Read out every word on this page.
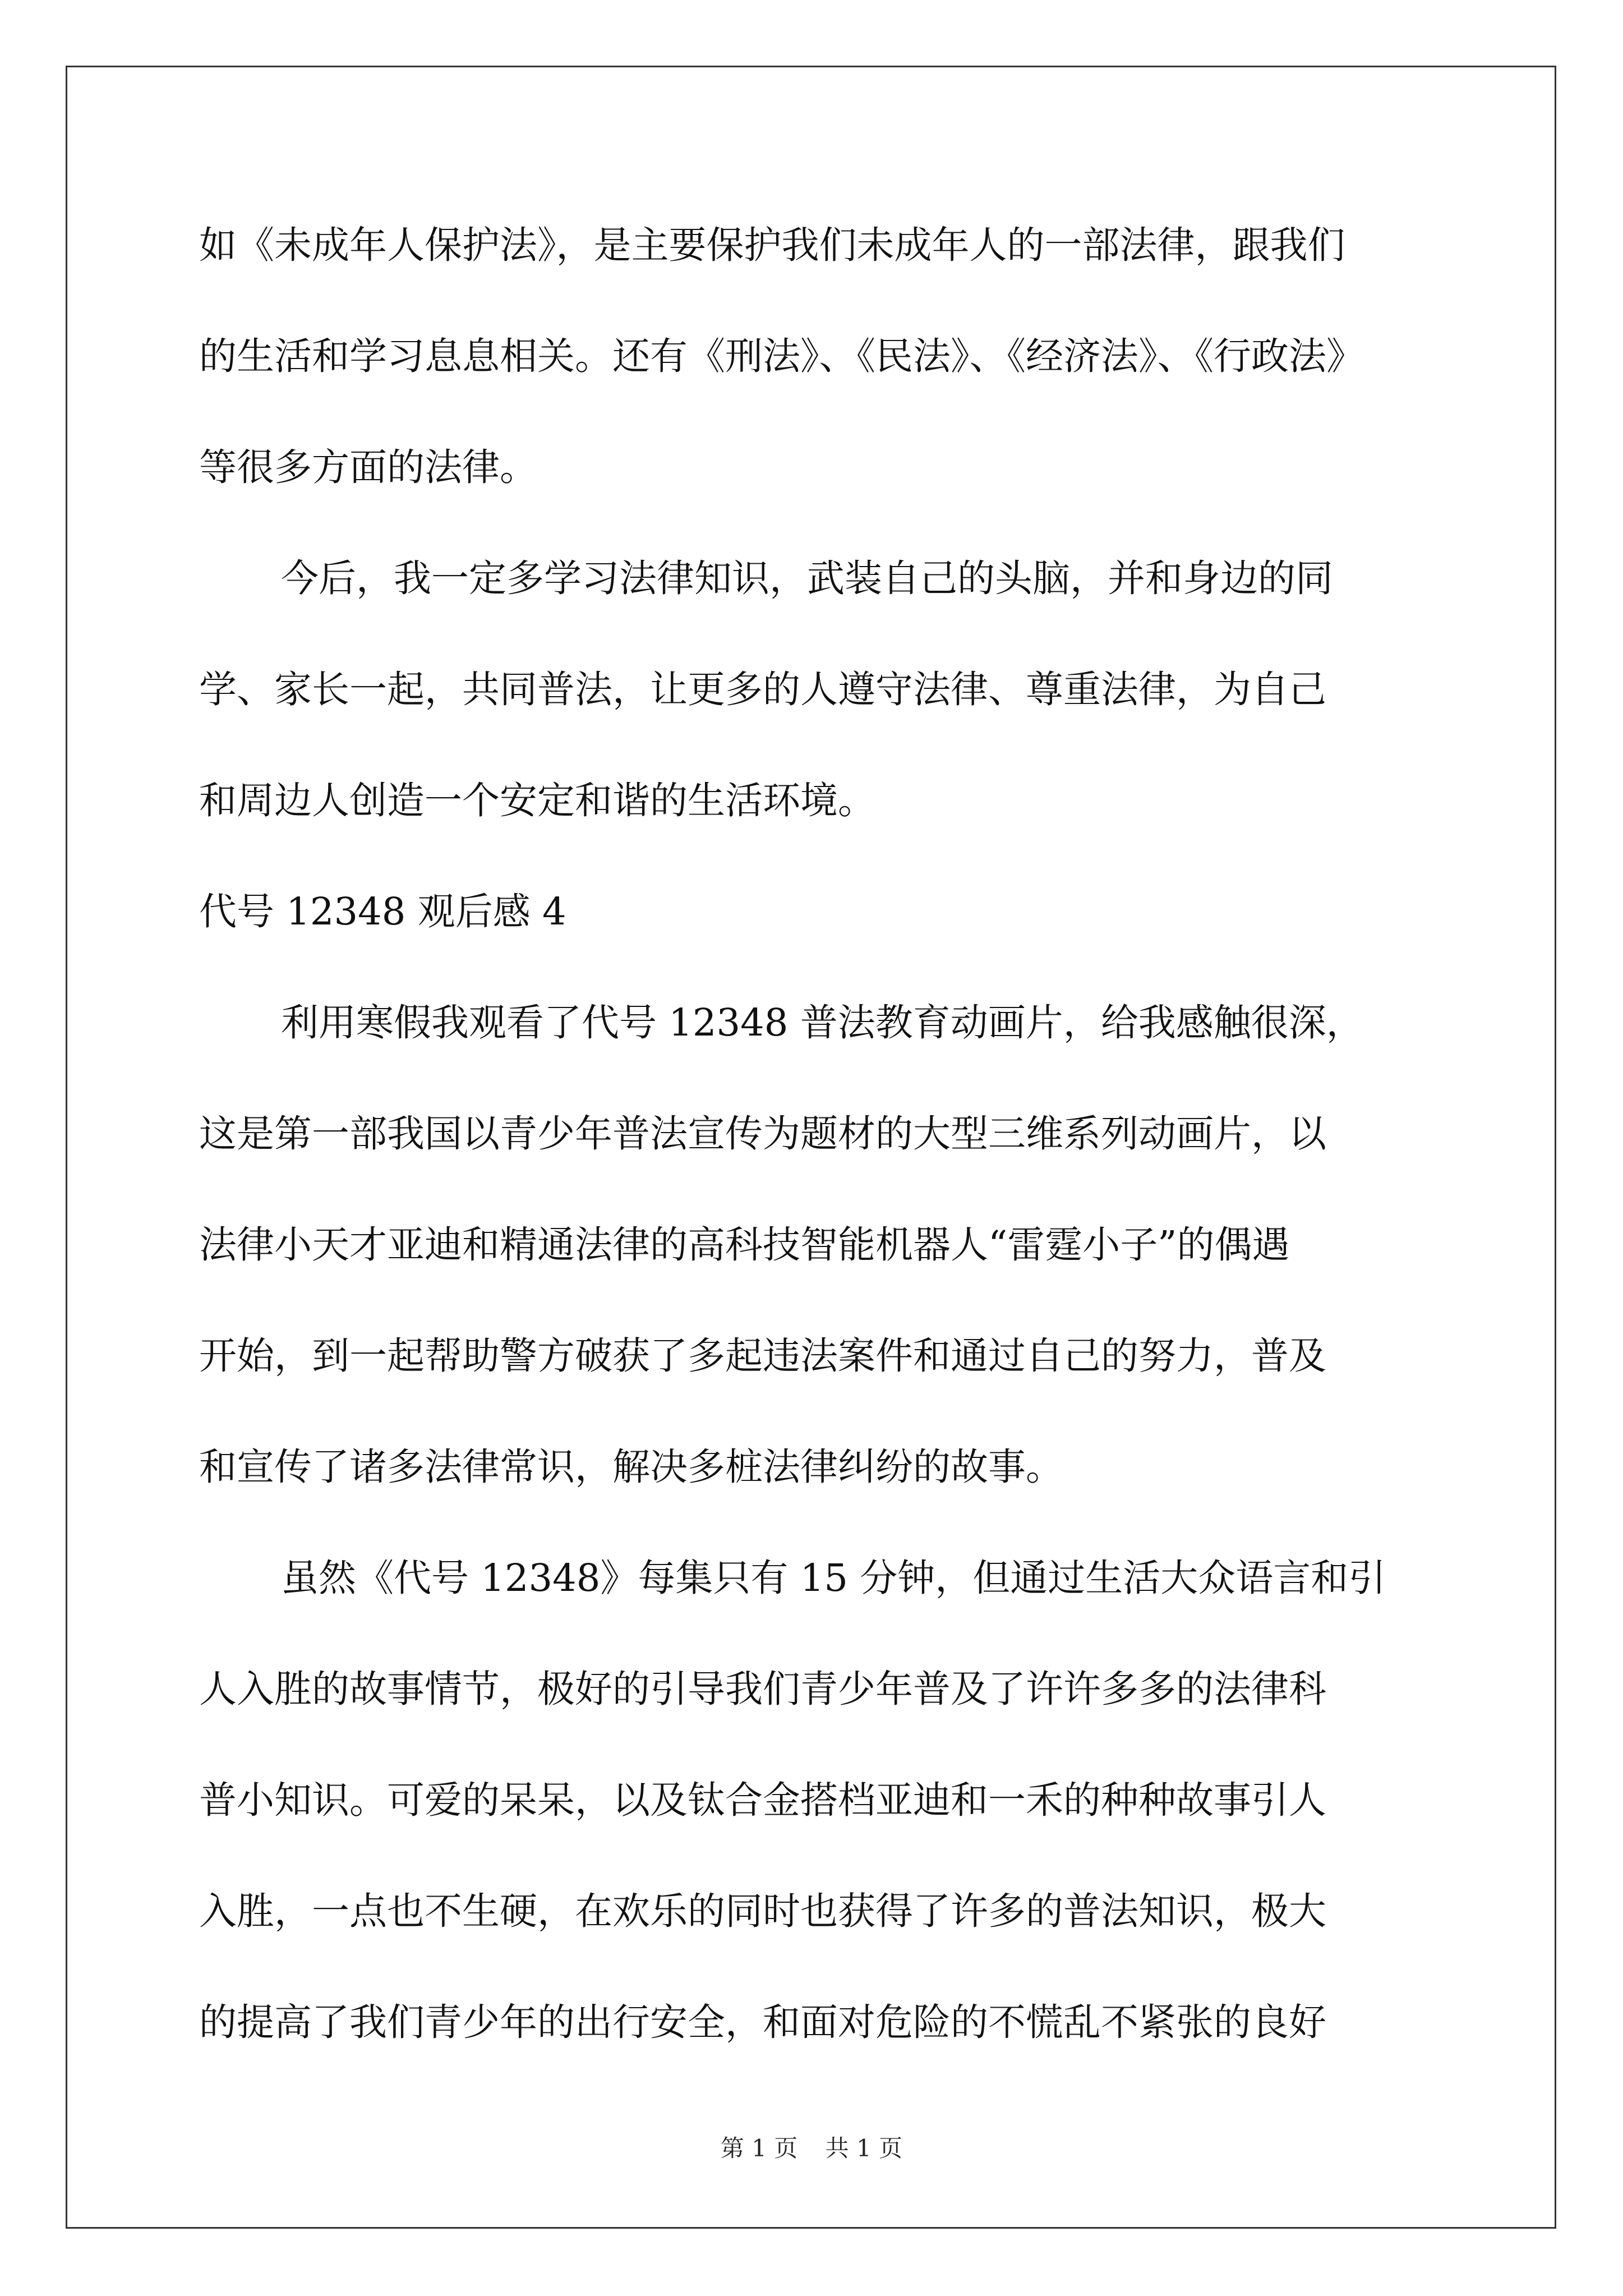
如《未成年人保护法》，是主要保护我们未成年人的一部法律，跟我们
的生活和学习息息相关。还有《刑法》、《民法》、《经济法》、《行政法》
等很多方面的法律。
今后，我一定多学习法律知识，武装自己的头脑，并和身边的同
学、家长一起，共同普法，让更多的人遵守法律、尊重法律，为自己
和周边人创造一个安定和谐的生活环境。
代号 12348 观后感 4
利用寒假我观看了代号 12348 普法教育动画片，给我感触很深，
这是第一部我国以青少年普法宣传为题材的大型三维系列动画片，以
法律小天才亚迪和精通法律的高科技智能机器人“雷霆小子”的偶遇
开始，到一起帮助警方破获了多起违法案件和通过自己的努力，普及
和宣传了诸多法律常识，解决多桩法律纠纷的故事。
虽然《代号 12348》每集只有 15 分钟，但通过生活大众语言和引
人入胜的故事情节，极好的引导我们青少年普及了许许多多的法律科
普小知识。可爱的呆呆，以及钛合金搭档亚迪和一禾的种种故事引人
入胜，一点也不生硬，在欢乐的同时也获得了许多的普法知识，极大
的提高了我们青少年的出行安全，和面对危险的不慌乱不紧张的良好
第 1 页 共 1 页
